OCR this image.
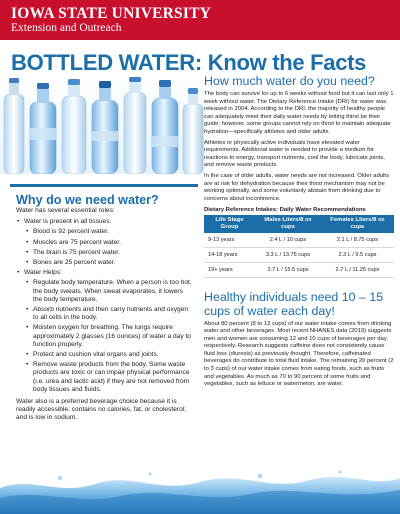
IOWA STATE UNIVERSITY
Extension and Outreach
BOTTLED WATER: Know the Facts
How much water do you need?

The body can survive for up to 6 weeks without food but it can last only 1 week without water. The Dietary Reference Intake (DRI) for water was released in 2004. According to the DRI, the majority of healthy people can adequately meet their daily water needs by letting thirst be their guide; however, some groups cannot rely on thirst to maintain adequate hydration—specifically athletes and older adults.

Athletes or physically active individuals have elevated water requirements. Additional water is needed to provide a medium for reactions to energy, transport nutrients, cool the body, lubricate joints, and remove waste products.

In the case of older adults, water needs are not increased. Older adults are at risk for dehydration because their thirst mechanism may not be working optimally, and some voluntarily abstain from drinking due to concerns about incontinence.

Dietary Reference Intakes: Daily Water Recommendations
Life Stage Group	Males Liters/8 oz cups	Females Liters/8 oz cups
9-13 years	2.4 L / 10 cups	2.1 L / 8.75 cups
14-18 years	3.3 L / 13.75 cups	2.3 L / 9.5 cups
19+ years	3.7 L / 15.5 cups	2.7 L / 11.25 cups
Healthy individuals need 10 – 15 cups of water each day!

About 80 percent (8 to 12 cups) of our water intake comes from drinking water and other beverages. Most recent NHANES data (2019) suggests men and women are consuming 12 and 10 cups of beverages per day, respectively. Research suggests caffeine does not consistently cause fluid loss (diuresis) as previously thought. Therefore, caffeinated beverages do contribute to total fluid intake. The remaining 20 percent (2 to 3 cups) of our water intake comes from eating foods, such as fruits and vegetables. As much as 70 to 90 percent of some fruits and vegetables, such as lettuce or watermelon, are water.

Why do we need water?
Water has several essential roles:
• Water is present in all tissues.
• Blood is 92 percent water.
• Muscles are 75 percent water.
• The brain is 75 percent water.
• Bones are 25 percent water.
• Water Helps:
• Regulate body temperature. When a person is too hot, the body sweats. When sweat evaporates, it lowers the body temperature.
• Absorb nutrients and then carry nutrients and oxygen to all cells in the body.
• Moisten oxygen for breathing. The lungs require approximately 2 glasses (16 ounces) of water a day to function properly.
• Protect and cushion vital organs and joints.
• Remove waste products from the body. Some waste products are toxic or can impair physical performance (i.e. urea and lactic acid) if they are not removed from body tissues and fluids.

Water also is a preferred beverage choice because it is readily accessible; contains no calories, fat, or cholesterol; and is low in sodium.
